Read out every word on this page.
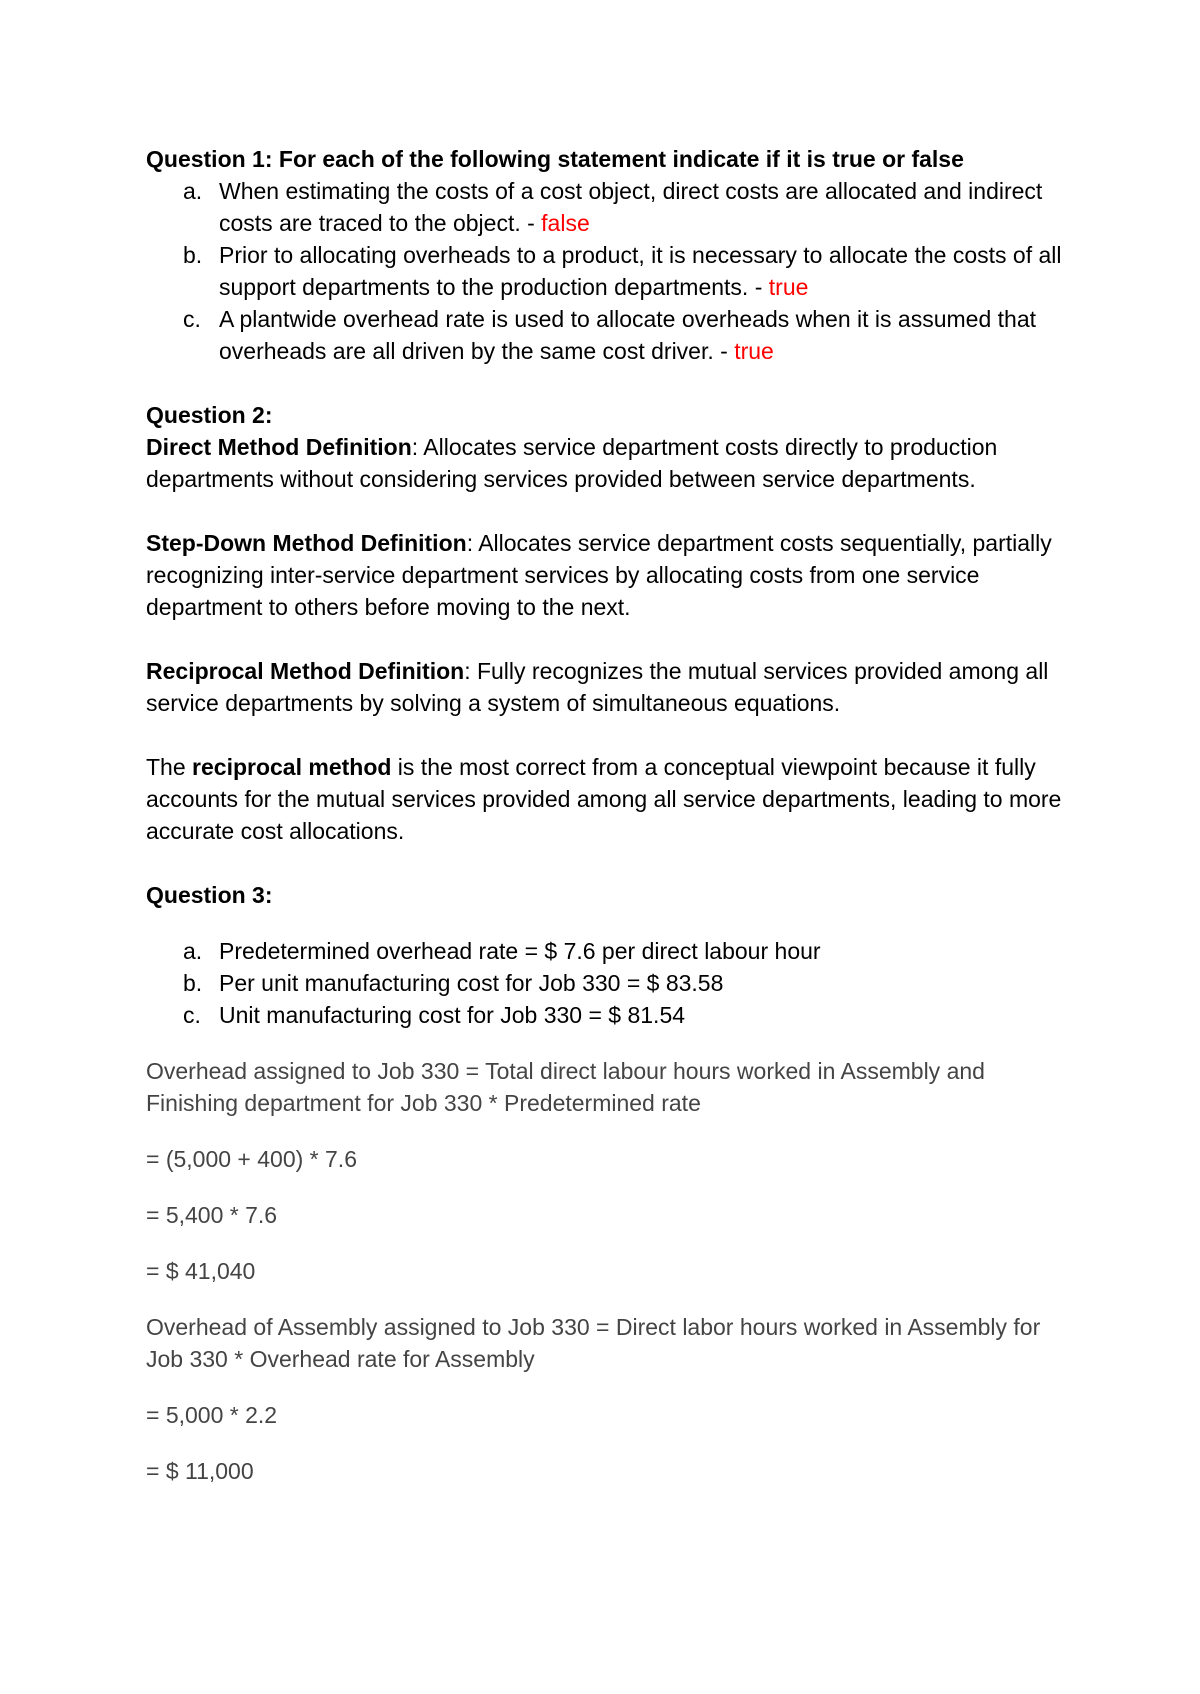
Question 1: For each of the following statement indicate if it is true or false

a. When estimating the costs of a cost object, direct costs are allocated and indirect costs are traced to the object. - false
b. Prior to allocating overheads to a product, it is necessary to allocate the costs of all support departments to the production departments. - true
c. A plantwide overhead rate is used to allocate overheads when it is assumed that overheads are all driven by the same cost driver. - true

Question 2:

Direct Method Definition: Allocates service department costs directly to production departments without considering services provided between service departments.

Step-Down Method Definition: Allocates service department costs sequentially, partially recognizing inter-service department services by allocating costs from one service department to others before moving to the next.

Reciprocal Method Definition: Fully recognizes the mutual services provided among all service departments by solving a system of simultaneous equations.

The reciprocal method is the most correct from a conceptual viewpoint because it fully accounts for the mutual services provided among all service departments, leading to more accurate cost allocations.

Question 3:

a. Predetermined overhead rate = $ 7.6 per direct labour hour
b. Per unit manufacturing cost for Job 330 = $ 83.58
c. Unit manufacturing cost for Job 330 = $ 81.54

Overhead assigned to Job 330 = Total direct labour hours worked in Assembly and Finishing department for Job 330 * Predetermined rate

= (5,000 + 400) * 7.6

= 5,400 * 7.6

= $ 41,040

Overhead of Assembly assigned to Job 330 = Direct labor hours worked in Assembly for Job 330 * Overhead rate for Assembly

= 5,000 * 2.2

= $ 11,000
